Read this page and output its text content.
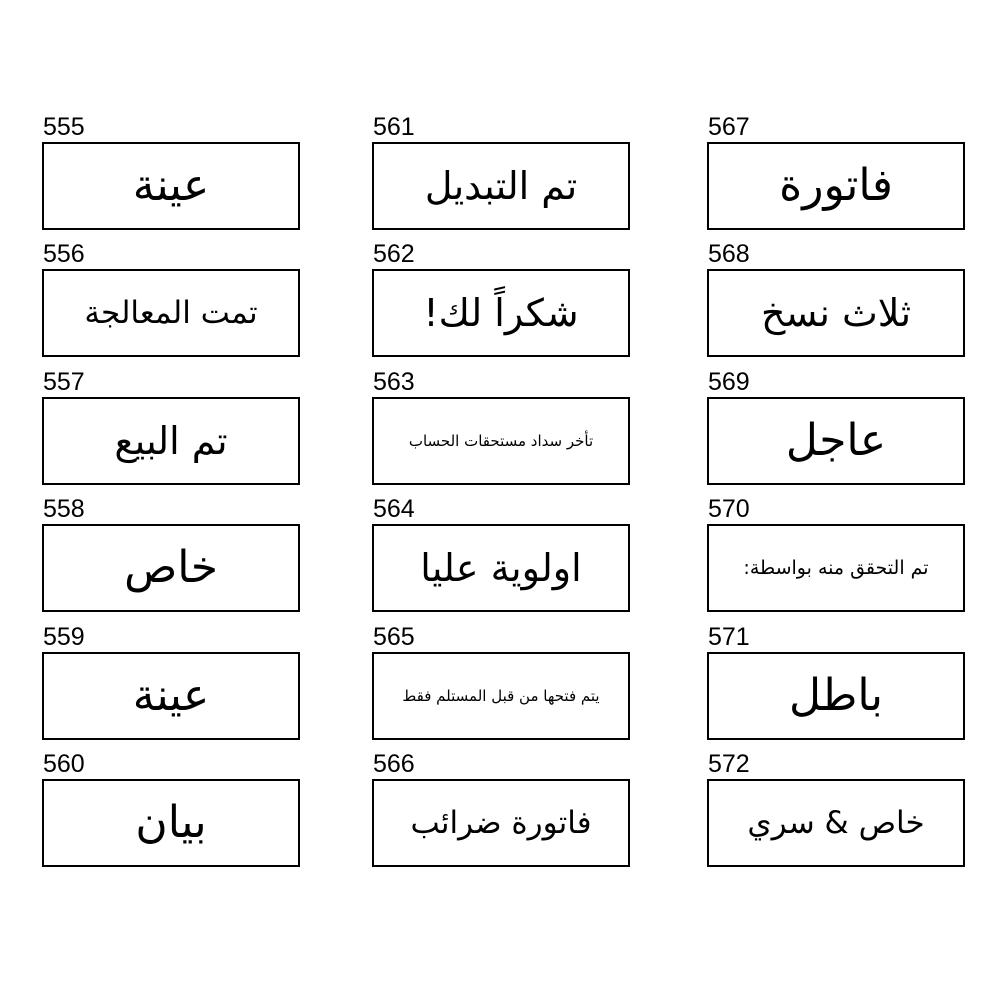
555
عينة
556
تمت المعالجة
557
تم البيع
558
خاص
559
عينة
560
بيان
561
تم التبديل
562
شكراً لك!
563
تأخر سداد مستحقات الحساب
564
اولوية عليا
565
يتم فتحها من قبل المستلم فقط
566
فاتورة ضرائب
567
فاتورة
568
ثلاث نسخ
569
عاجل
570
تم التحقق منه بواسطة:
571
باطل
572
خاص & سري
